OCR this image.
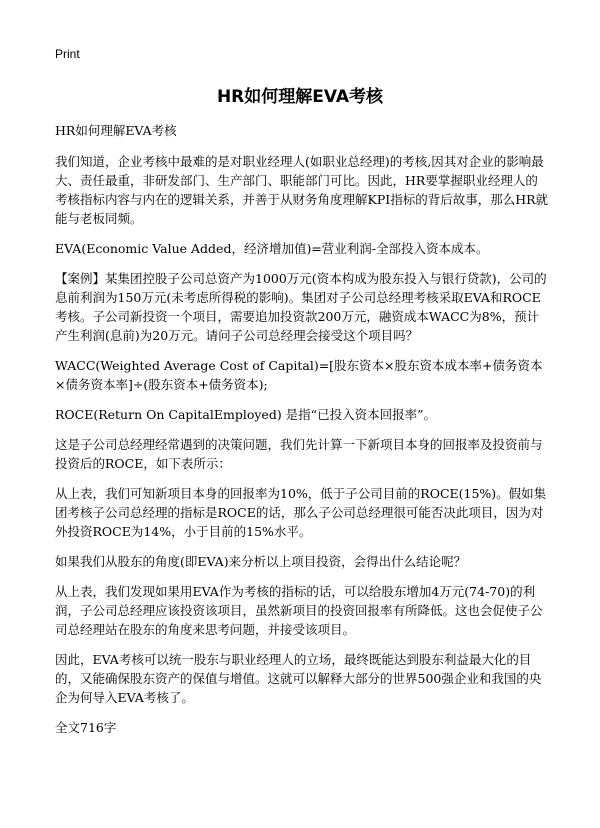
Print
HR如何理解EVA考核

HR如何理解EVA考核

我们知道，企业考核中最难的是对职业经理人(如职业总经理)的考核,因其对企业的影响最大、责任最重，非研发部门、生产部门、职能部门可比。因此，HR要掌握职业经理人的考核指标内容与内在的逻辑关系，并善于从财务角度理解KPI指标的背后故事，那么HR就能与老板同频。

EVA(Economic Value Added，经济增加值)=营业利润-全部投入资本成本。

【案例】某集团控股子公司总资产为1000万元(资本构成为股东投入与银行贷款)，公司的息前利润为150万元(未考虑所得税的影响)。集团对子公司总经理考核采取EVA和ROCE考核。子公司新投资一个项目，需要追加投资款200万元，融资成本WACC为8%，预计产生利润(息前)为20万元。请问子公司总经理会接受这个项目吗？

WACC(Weighted Average Cost of Capital)=[股东资本×股东资本成本率+债务资本×债务资本率]÷(股东资本+债务资本);

ROCE(Return On CapitalEmployed) 是指“已投入资本回报率”。

这是子公司总经理经常遇到的决策问题，我们先计算一下新项目本身的回报率及投资前与投资后的ROCE，如下表所示：

从上表，我们可知新项目本身的回报率为10%，低于子公司目前的ROCE(15%)。假如集团考核子公司总经理的指标是ROCE的话，那么子公司总经理很可能否决此项目，因为对外投资ROCE为14%，小于目前的15%水平。

如果我们从股东的角度(即EVA)来分析以上项目投资，会得出什么结论呢？

从上表，我们发现如果用EVA作为考核的指标的话，可以给股东增加4万元(74-70)的利润，子公司总经理应该投资该项目，虽然新项目的投资回报率有所降低。这也会促使子公司总经理站在股东的角度来思考问题，并接受该项目。

因此，EVA考核可以统一股东与职业经理人的立场，最终既能达到股东利益最大化的目的，又能确保股东资产的保值与增值。这就可以解释大部分的世界500强企业和我国的央企为何导入EVA考核了。

全文716字
